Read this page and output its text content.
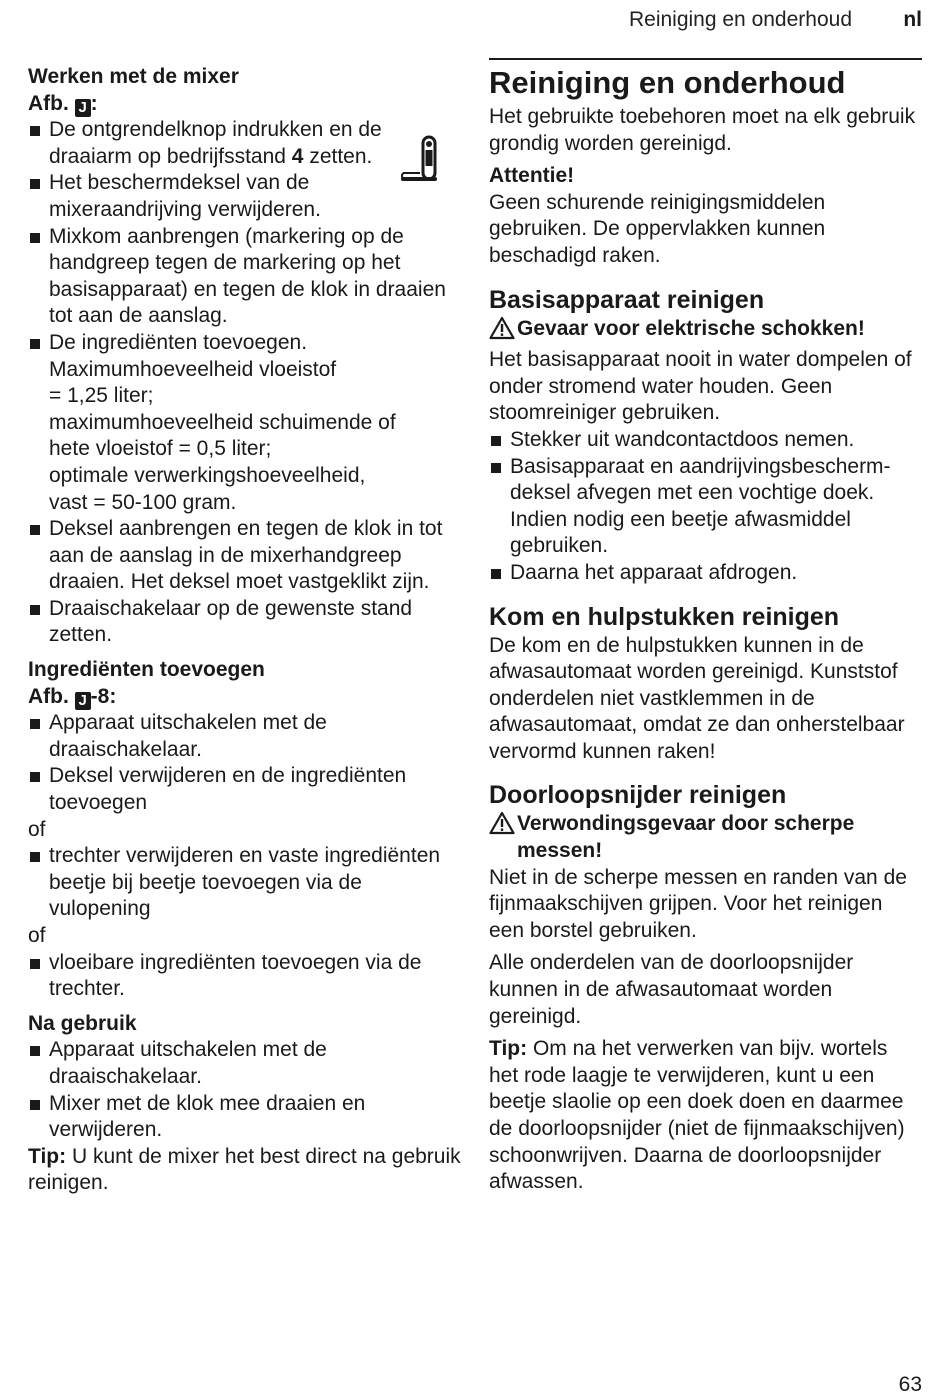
Reiniging en onderhoud nl

Werken met de mixer

Afb. J :

De ontgrendelknop indrukken en de draaiarm op bedrijfsstand 4 zetten.
Het beschermdeksel van de mixeraandrijving verwijderen.
Mixkom aanbrengen (markering op de handgreep tegen de markering op het basisapparaat) en tegen de klok in draaien tot aan de aanslag.
De ingrediënten toevoegen.
Maximumhoeveelheid vloeistof
= 1,25 liter;
maximumhoeveelheid schuimende of
hete vloeistof = 0,5 liter;
optimale verwerkingshoeveelheid,
vast = 50-100 gram.
Deksel aanbrengen en tegen de klok in tot aan de aanslag in de mixerhandgreep draaien. Het deksel moet vastgeklikt zijn.
Draaischakelaar op de gewenste stand zetten.

Ingrediënten toevoegen

Afb. J -8:

Apparaat uitschakelen met de draaischakelaar.
Deksel verwijderen en de ingrediënten toevoegen

of

trechter verwijderen en vaste ingrediënten beetje bij beetje toevoegen via de vulopening

of

vloeibare ingrediënten toevoegen via de trechter.

Na gebruik

Apparaat uitschakelen met de draaischakelaar.
Mixer met de klok mee draaien en verwijderen.

Tip: U kunt de mixer het best direct na gebruik reinigen.

Reiniging en onderhoud

Het gebruikte toebehoren moet na elk gebruik grondig worden gereinigd.

Attentie!

Geen schurende reinigingsmiddelen gebruiken. De oppervlakken kunnen beschadigd raken.

Basisapparaat reinigen

Gevaar voor elektrische schokken!

Het basisapparaat nooit in water dompelen of onder stromend water houden. Geen stoomreiniger gebruiken.

Stekker uit wandcontactdoos nemen.
Basisapparaat en aandrijvingsbescherm-deksel afvegen met een vochtige doek. Indien nodig een beetje afwasmiddel gebruiken.
Daarna het apparaat afdrogen.

Kom en hulpstukken reinigen

De kom en de hulpstukken kunnen in de afwasautomaat worden gereinigd. Kunststof onderdelen niet vastklemmen in de afwasautomaat, omdat ze dan onherstelbaar vervormd kunnen raken!

Doorloopsnijder reinigen

Verwondingsgevaar door scherpe messen!

Niet in de scherpe messen en randen van de fijnmaakschijven grijpen. Voor het reinigen een borstel gebruiken.

Alle onderdelen van de doorloopsnijder kunnen in de afwasautomaat worden gereinigd.

Tip: Om na het verwerken van bijv. wortels het rode laagje te verwijderen, kunt u een beetje slaolie op een doek doen en daarmee de doorloopsnijder (niet de fijnmaakschijven) schoonwrijven. Daarna de doorloopsnijder afwassen.

63
